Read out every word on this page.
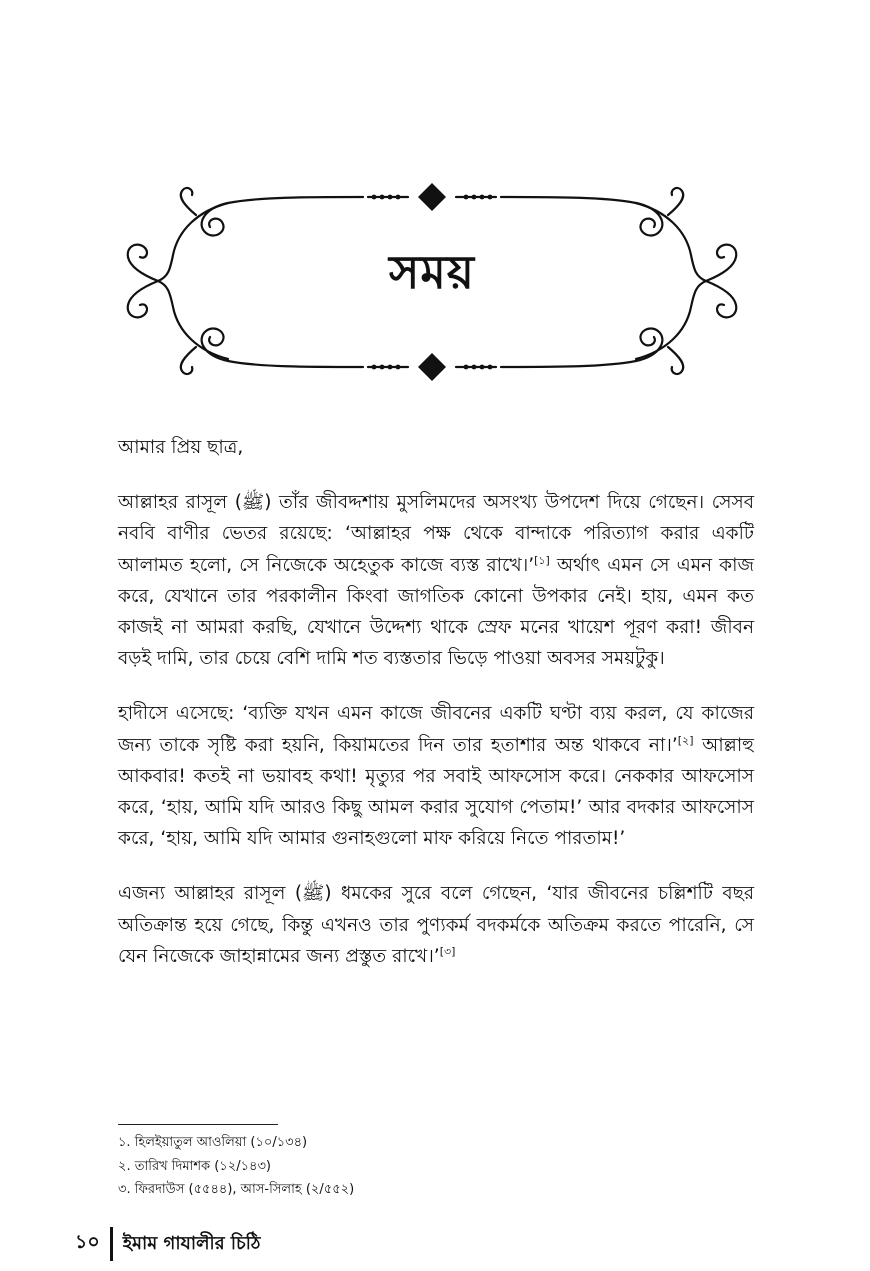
সময়

আমার প্রিয় ছাত্র,

আল্লাহর রাসূল (ﷺ) তাঁর জীবদ্দশায় মুসলিমদের অসংখ্য উপদেশ দিয়ে গেছেন। সেসব নববি বাণীর ভেতর রয়েছে: ‘আল্লাহর পক্ষ থেকে বান্দাকে পরিত্যাগ করার একটি আলামত হলো, সে নিজেকে অহেতুক কাজে ব্যস্ত রাখে।’[১] অর্থাৎ এমন সে এমন কাজ করে, যেখানে তার পরকালীন কিংবা জাগতিক কোনো উপকার নেই। হায়, এমন কত কাজই না আমরা করছি, যেখানে উদ্দেশ্য থাকে স্রেফ মনের খায়েশ পূরণ করা! জীবন বড়ই দামি, তার চেয়ে বেশি দামি শত ব্যস্ততার ভিড়ে পাওয়া অবসর সময়টুকু।

হাদীসে এসেছে: ‘ব্যক্তি যখন এমন কাজে জীবনের একটি ঘণ্টা ব্যয় করল, যে কাজের জন্য তাকে সৃষ্টি করা হয়নি, কিয়ামতের দিন তার হতাশার অন্ত থাকবে না।’[২] আল্লাহু আকবার! কতই না ভয়াবহ কথা! মৃত্যুর পর সবাই আফসোস করে। নেককার আফসোস করে, ‘হায়, আমি যদি আরও কিছু আমল করার সুযোগ পেতাম!’ আর বদকার আফসোস করে, ‘হায়, আমি যদি আমার গুনাহগুলো মাফ করিয়ে নিতে পারতাম!’

এজন্য আল্লাহর রাসূল (ﷺ) ধমকের সুরে বলে গেছেন, ‘যার জীবনের চল্লিশটি বছর অতিক্রান্ত হয়ে গেছে, কিন্তু এখনও তার পুণ্যকর্ম বদকর্মকে অতিক্রম করতে পারেনি, সে যেন নিজেকে জাহান্নামের জন্য প্রস্তুত রাখে।’[৩]

১. হিলইয়াতুল আওলিয়া (১০/১৩৪)
২. তারিখ দিমাশক (১২/১৪৩)
৩. ফিরদাউস (৫৫৪৪), আস-সিলাহ (২/৫৫২)
১০	ইমাম গাযালীর চিঠি
